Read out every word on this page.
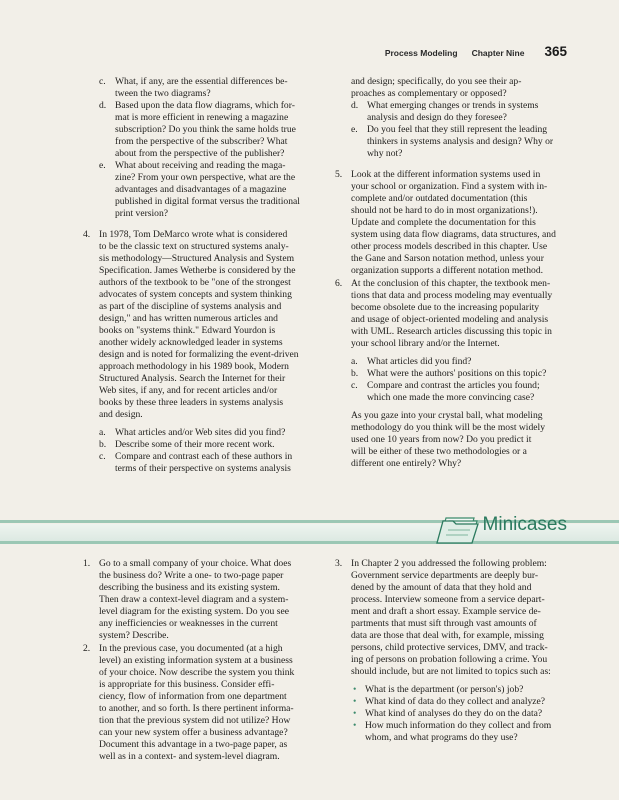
Process Modeling Chapter Nine 365
c. What, if any, are the essential differences be-
tween the two diagrams?
d. Based upon the data flow diagrams, which for-
mat is more efficient in renewing a magazine
subscription? Do you think the same holds true
from the perspective of the subscriber? What
about from the perspective of the publisher?
e. What about receiving and reading the maga-
zine? From your own perspective, what are the
advantages and disadvantages of a magazine
published in digital format versus the traditional
print version?
4. In 1978, Tom DeMarco wrote what is considered
to be the classic text on structured systems analy-
sis methodology—Structured Analysis and System
Specification. James Wetherbe is considered by the
authors of the textbook to be "one of the strongest
advocates of system concepts and system thinking
as part of the discipline of systems analysis and
design," and has written numerous articles and
books on "systems think." Edward Yourdon is
another widely acknowledged leader in systems
design and is noted for formalizing the event-driven
approach methodology in his 1989 book, Modern
Structured Analysis. Search the Internet for their
Web sites, if any, and for recent articles and/or
books by these three leaders in systems analysis
and design.
a. What articles and/or Web sites did you find?
b. Describe some of their more recent work.
c. Compare and contrast each of these authors in
terms of their perspective on systems analysis
and design; specifically, do you see their ap-
proaches as complementary or opposed?
d. What emerging changes or trends in systems
analysis and design do they foresee?
e. Do you feel that they still represent the leading
thinkers in systems analysis and design? Why or
why not?
5. Look at the different information systems used in
your school or organization. Find a system with in-
complete and/or outdated documentation (this
should not be hard to do in most organizations!).
Update and complete the documentation for this
system using data flow diagrams, data structures, and
other process models described in this chapter. Use
the Gane and Sarson notation method, unless your
organization supports a different notation method.
6. At the conclusion of this chapter, the textbook men-
tions that data and process modeling may eventually
become obsolete due to the increasing popularity
and usage of object-oriented modeling and analysis
with UML. Research articles discussing this topic in
your school library and/or the Internet.
a. What articles did you find?
b. What were the authors' positions on this topic?
c. Compare and contrast the articles you found;
which one made the more convincing case?
As you gaze into your crystal ball, what modeling
methodology do you think will be the most widely
used one 10 years from now? Do you predict it
will be either of these two methodologies or a
different one entirely? Why?
Minicases
1. Go to a small company of your choice. What does
the business do? Write a one- to two-page paper
describing the business and its existing system.
Then draw a context-level diagram and a system-
level diagram for the existing system. Do you see
any inefficiencies or weaknesses in the current
system? Describe.
2. In the previous case, you documented (at a high
level) an existing information system at a business
of your choice. Now describe the system you think
is appropriate for this business. Consider effi-
ciency, flow of information from one department
to another, and so forth. Is there pertinent informa-
tion that the previous system did not utilize? How
can your new system offer a business advantage?
Document this advantage in a two-page paper, as
well as in a context- and system-level diagram.
3. In Chapter 2 you addressed the following problem:
Government service departments are deeply bur-
dened by the amount of data that they hold and
process. Interview someone from a service depart-
ment and draft a short essay. Example service de-
partments that must sift through vast amounts of
data are those that deal with, for example, missing
persons, child protective services, DMV, and track-
ing of persons on probation following a crime. You
should include, but are not limited to topics such as:
• What is the department (or person's) job?
• What kind of data do they collect and analyze?
• What kind of analyses do they do on the data?
• How much information do they collect and from
whom, and what programs do they use?
